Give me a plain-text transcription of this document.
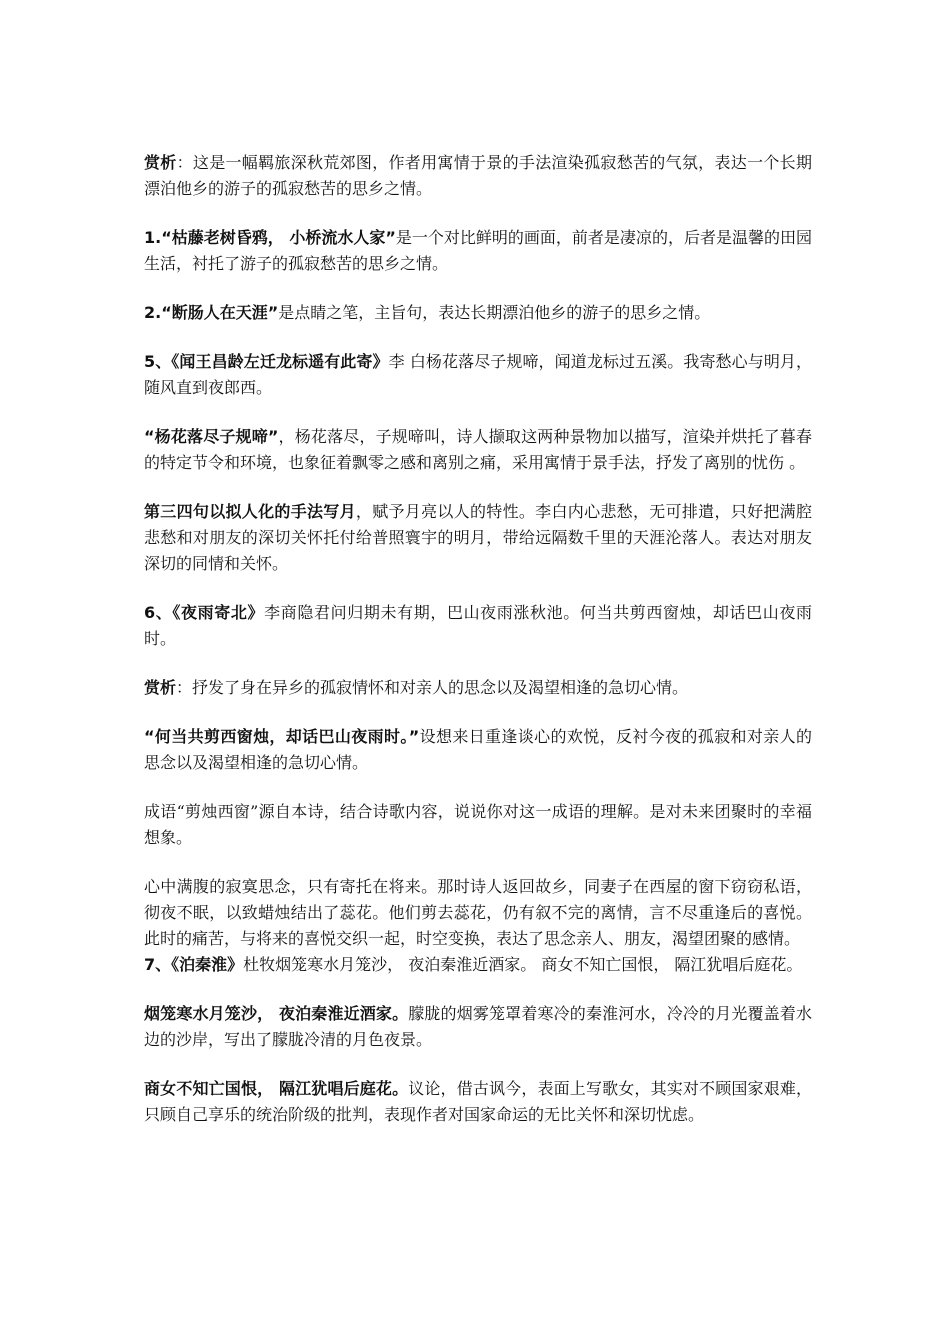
赏析：这是一幅羁旅深秋荒郊图，作者用寓情于景的手法渲染孤寂愁苦的气氛，表达一个长期漂泊他乡的游子的孤寂愁苦的思乡之情。

1.“枯藤老树昏鸦， 小桥流水人家”是一个对比鲜明的画面，前者是凄凉的，后者是温馨的田园生活，衬托了游子的孤寂愁苦的思乡之情。

2.“断肠人在天涯”是点睛之笔，主旨句，表达长期漂泊他乡的游子的思乡之情。

5、《闻王昌龄左迁龙标遥有此寄》李 白杨花落尽子规啼，闻道龙标过五溪。我寄愁心与明月，随风直到夜郎西。

“杨花落尽子规啼”，杨花落尽，子规啼叫，诗人撷取这两种景物加以描写，渲染并烘托了暮春的特定节令和环境，也象征着飘零之感和离别之痛，采用寓情于景手法，抒发了离别的忧伤 。

第三四句以拟人化的手法写月，赋予月亮以人的特性。李白内心悲愁，无可排遣，只好把满腔悲愁和对朋友的深切关怀托付给普照寰宇的明月，带给远隔数千里的天涯沦落人。表达对朋友深切的同情和关怀。

6、《夜雨寄北》李商隐君问归期未有期，巴山夜雨涨秋池。何当共剪西窗烛，却话巴山夜雨时。

赏析：抒发了身在异乡的孤寂情怀和对亲人的思念以及渴望相逢的急切心情。

“何当共剪西窗烛，却话巴山夜雨时。”设想来日重逢谈心的欢悦，反衬今夜的孤寂和对亲人的思念以及渴望相逢的急切心情。

成语“剪烛西窗”源自本诗，结合诗歌内容，说说你对这一成语的理解。是对未来团聚时的幸福想象。

心中满腹的寂寞思念，只有寄托在将来。那时诗人返回故乡，同妻子在西屋的窗下窃窃私语，彻夜不眠，以致蜡烛结出了蕊花。他们剪去蕊花，仍有叙不完的离情，言不尽重逢后的喜悦。此时的痛苦，与将来的喜悦交织一起，时空变换，表达了思念亲人、朋友，渴望团聚的感情。

7、《泊秦淮》杜牧烟笼寒水月笼沙， 夜泊秦淮近酒家。 商女不知亡国恨， 隔江犹唱后庭花。

烟笼寒水月笼沙， 夜泊秦淮近酒家。朦胧的烟雾笼罩着寒冷的秦淮河水，冷冷的月光覆盖着水边的沙岸，写出了朦胧冷清的月色夜景。

商女不知亡国恨， 隔江犹唱后庭花。议论，借古讽今，表面上写歌女，其实对不顾国家艰难，只顾自己享乐的统治阶级的批判，表现作者对国家命运的无比关怀和深切忧虑。
